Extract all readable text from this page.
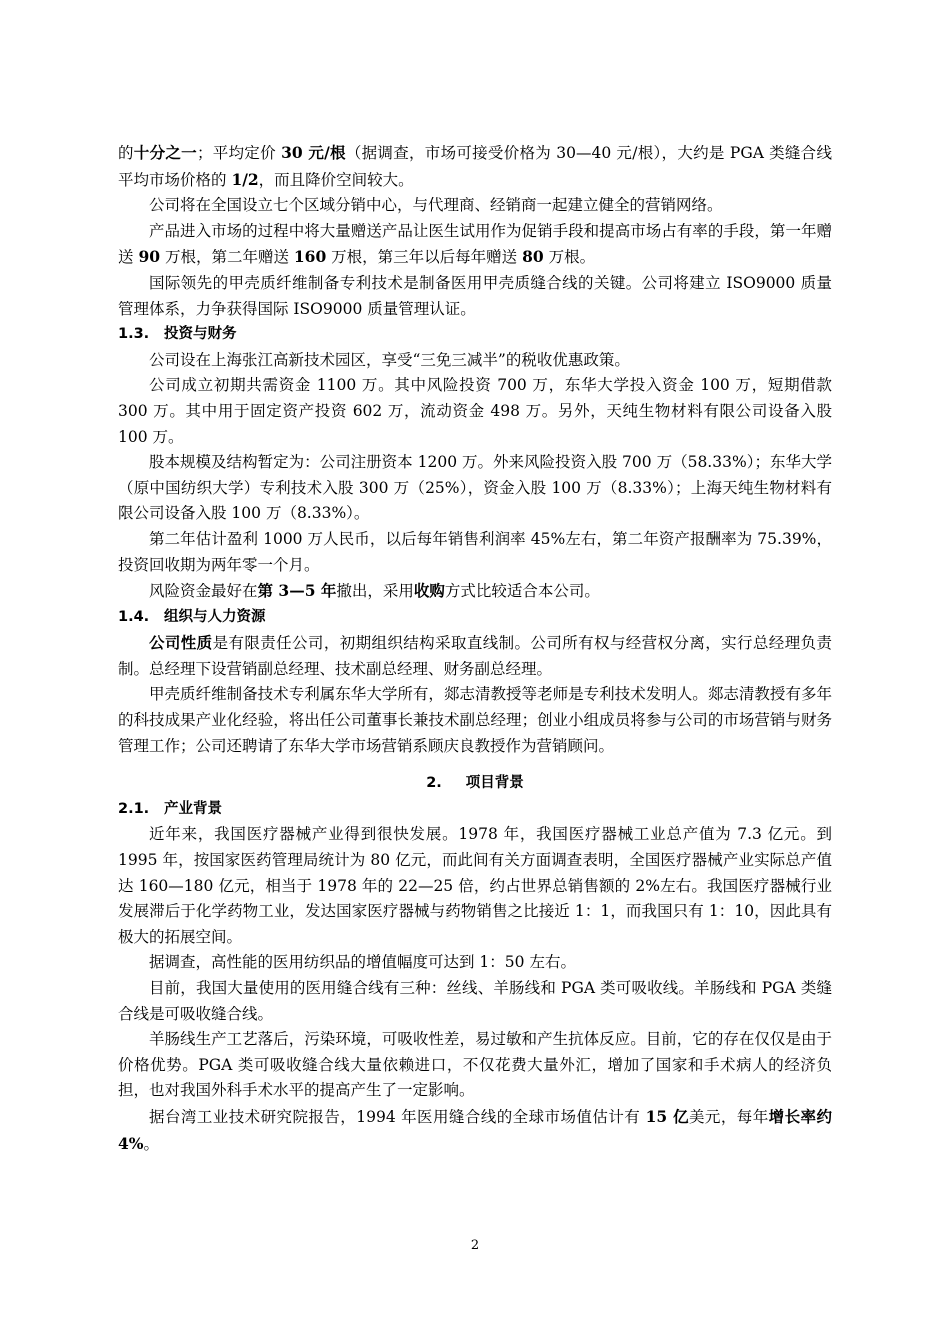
的十分之一；平均定价 30 元/根（据调查，市场可接受价格为 30—40 元/根），大约是 PGA 类缝合线平均市场价格的 1/2，而且降价空间较大。

公司将在全国设立七个区域分销中心，与代理商、经销商一起建立健全的营销网络。

产品进入市场的过程中将大量赠送产品让医生试用作为促销手段和提高市场占有率的手段，第一年赠送 90 万根，第二年赠送 160 万根，第三年以后每年赠送 80 万根。

国际领先的甲壳质纤维制备专利技术是制备医用甲壳质缝合线的关键。公司将建立 ISO9000 质量管理体系，力争获得国际 ISO9000 质量管理认证。

1.3. 投资与财务

公司设在上海张江高新技术园区，享受“三免三减半”的税收优惠政策。

公司成立初期共需资金 1100 万。其中风险投资 700 万，东华大学投入资金 100 万，短期借款 300 万。其中用于固定资产投资 602 万，流动资金 498 万。另外，天纯生物材料有限公司设备入股 100 万。

股本规模及结构暂定为：公司注册资本 1200 万。外来风险投资入股 700 万（58.33%）；东华大学（原中国纺织大学）专利技术入股 300 万（25%），资金入股 100 万（8.33%）；上海天纯生物材料有限公司设备入股 100 万（8.33%）。

第二年估计盈利 1000 万人民币，以后每年销售利润率 45%左右，第二年资产报酬率为 75.39%，投资回收期为两年零一个月。

风险资金最好在第 3—5 年撤出，采用收购方式比较适合本公司。

1.4. 组织与人力资源

公司性质是有限责任公司，初期组织结构采取直线制。公司所有权与经营权分离，实行总经理负责制。总经理下设营销副总经理、技术副总经理、财务副总经理。

甲壳质纤维制备技术专利属东华大学所有，郯志清教授等老师是专利技术发明人。郯志清教授有多年的科技成果产业化经验，将出任公司董事长兼技术副总经理；创业小组成员将参与公司的市场营销与财务管理工作；公司还聘请了东华大学市场营销系顾庆良教授作为营销顾问。

2. 项目背景
2.1. 产业背景

近年来，我国医疗器械产业得到很快发展。1978 年，我国医疗器械工业总产值为 7.3 亿元。到 1995 年，按国家医药管理局统计为 80 亿元，而此间有关方面调查表明，全国医疗器械产业实际总产值达 160—180 亿元，相当于 1978 年的 22—25 倍，约占世界总销售额的 2%左右。我国医疗器械行业发展滞后于化学药物工业，发达国家医疗器械与药物销售之比接近 1：1，而我国只有 1：10，因此具有极大的拓展空间。

据调查，高性能的医用纺织品的增值幅度可达到 1：50 左右。

目前，我国大量使用的医用缝合线有三种：丝线、羊肠线和 PGA 类可吸收线。羊肠线和 PGA 类缝合线是可吸收缝合线。

羊肠线生产工艺落后，污染环境，可吸收性差，易过敏和产生抗体反应。目前，它的存在仅仅是由于价格优势。PGA 类可吸收缝合线大量依赖进口，不仅花费大量外汇，增加了国家和手术病人的经济负担，也对我国外科手术水平的提高产生了一定影响。

据台湾工业技术研究院报告，1994 年医用缝合线的全球市场值估计有 15 亿美元，每年增长率约 4%。

2
